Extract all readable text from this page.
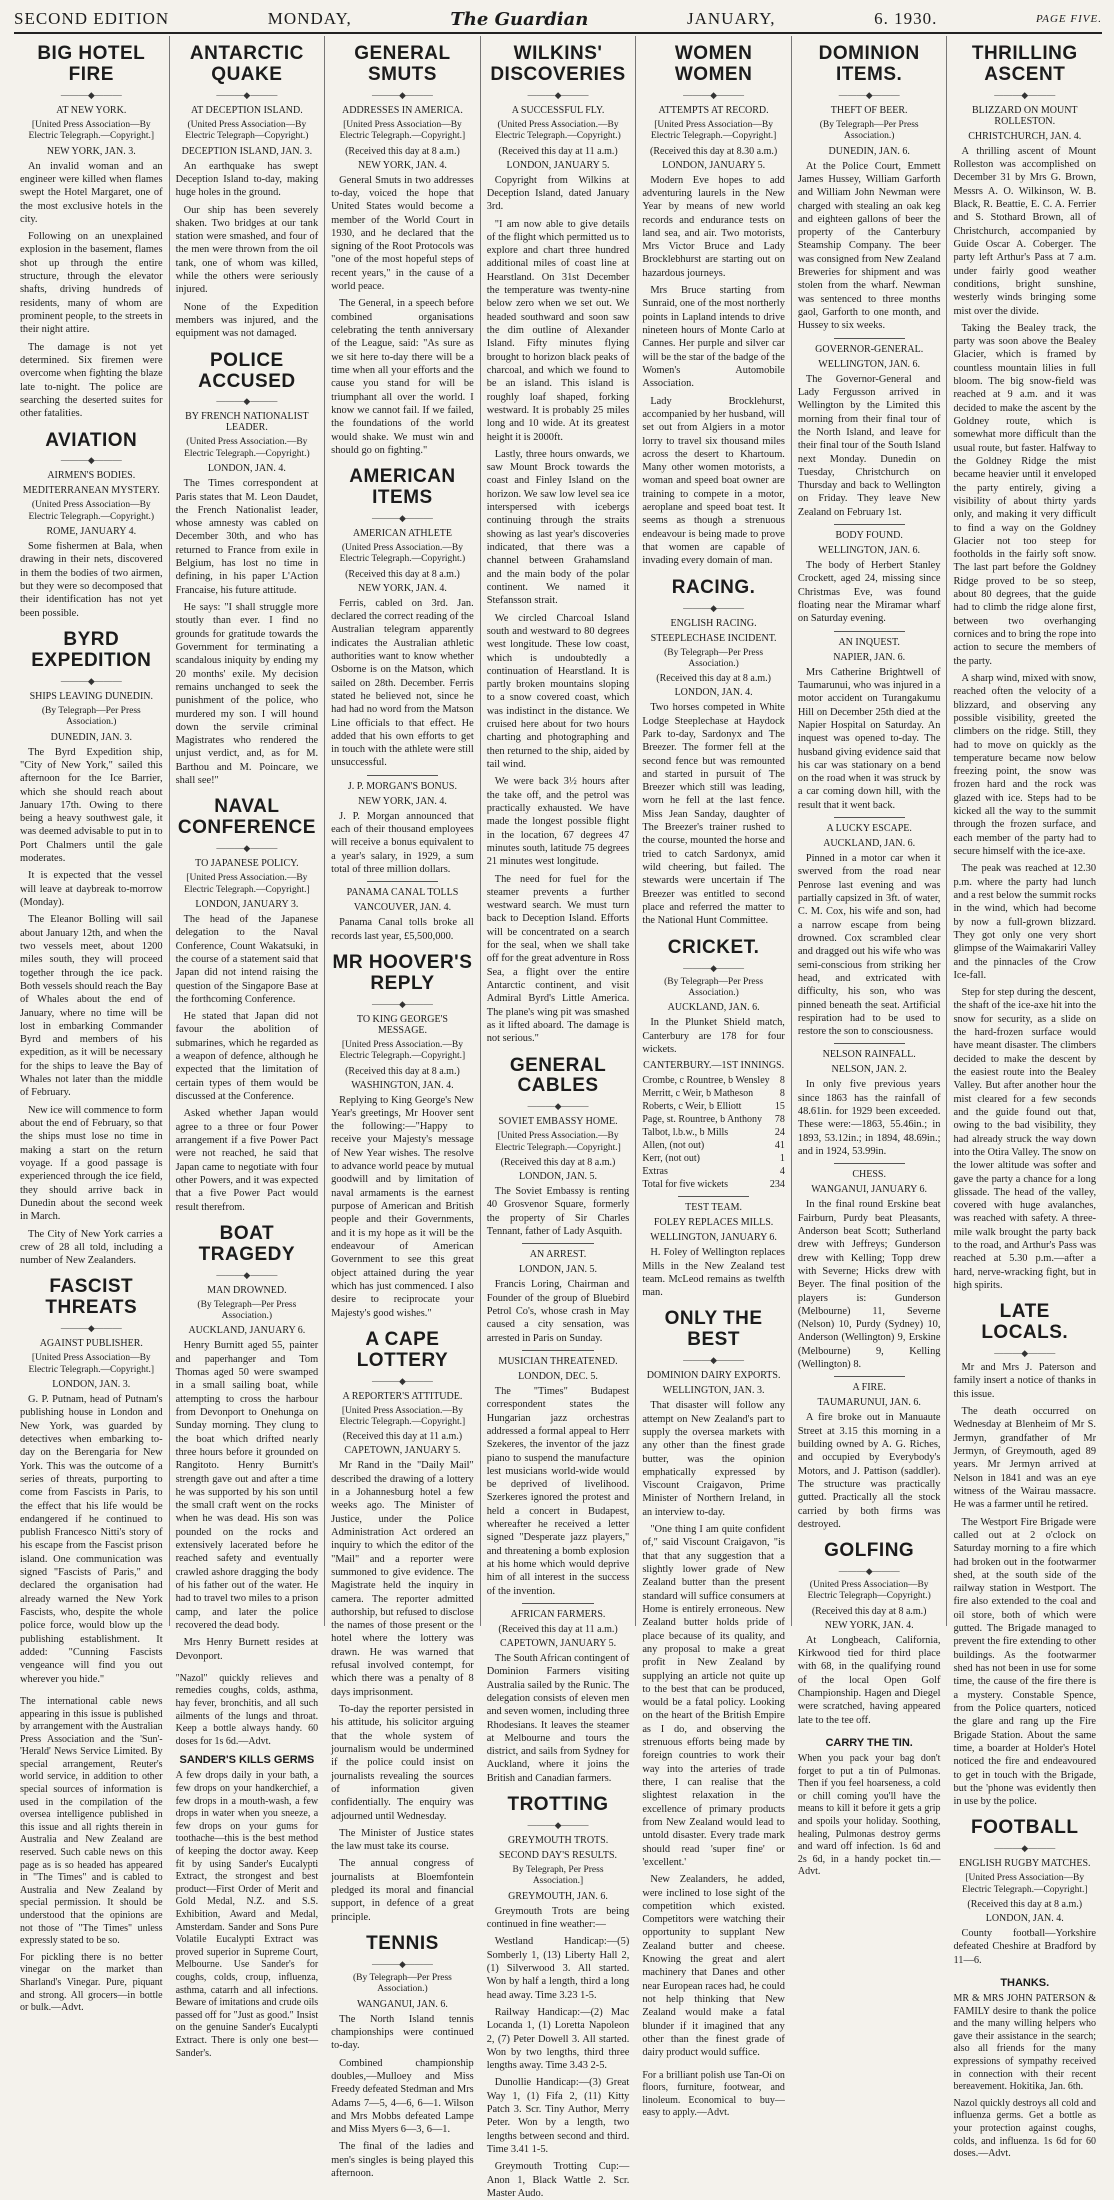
SECOND EDITION	MONDAY,	The Guardian	JANUARY,	6. 1930.	PAGE FIVE.
BIG HOTEL FIRE
———◆———
AT NEW YORK.
[United Press Association—By Electric Telegraph.—Copyright.]
NEW YORK, JAN. 3.

An invalid woman and an engineer were killed when flames swept the Hotel Margaret, one of the most exclusive hotels in the city.

Following on an unexplained explosion in the basement, flames shot up through the entire structure, through the elevator shafts, driving hundreds of residents, many of whom are prominent people, to the streets in their night attire.

The damage is not yet determined. Six firemen were overcome when fighting the blaze late to-night. The police are searching the deserted suites for other fatalities.

AVIATION
———◆———
AIRMEN'S BODIES.
MEDITERRANEAN MYSTERY.
(United Press Association—By Electric Telegraph.—Copyright.)
ROME, JANUARY 4.

Some fishermen at Bala, when drawing in their nets, discovered in them the bodies of two airmen, but they were so decomposed that their identification has not yet been possible.

BYRD EXPEDITION
———◆———
SHIPS LEAVING DUNEDIN.
(By Telegraph—Per Press Association.)
DUNEDIN, JAN. 3.

The Byrd Expedition ship, "City of New York," sailed this afternoon for the Ice Barrier, which she should reach about January 17th. Owing to there being a heavy southwest gale, it was deemed advisable to put in to Port Chalmers until the gale moderates.

It is expected that the vessel will leave at daybreak to-morrow (Monday).

The Eleanor Bolling will sail about January 12th, and when the two vessels meet, about 1200 miles south, they will proceed together through the ice pack. Both vessels should reach the Bay of Whales about the end of January, where no time will be lost in embarking Commander Byrd and members of his expedition, as it will be necessary for the ships to leave the Bay of Whales not later than the middle of February.

New ice will commence to form about the end of February, so that the ships must lose no time in making a start on the return voyage. If a good passage is experienced through the ice field, they should arrive back in Dunedin about the second week in March.

The City of New York carries a crew of 28 all told, including a number of New Zealanders.

FASCIST THREATS
———◆———
AGAINST PUBLISHER.
[United Press Association—By Electric Telegraph.—Copyright.]
LONDON, JAN. 3.

G. P. Putnam, head of Putnam's publishing house in London and New York, was guarded by detectives when embarking to-day on the Berengaria for New York. This was the outcome of a series of threats, purporting to come from Fascists in Paris, to the effect that his life would be endangered if he continued to publish Francesco Nitti's story of his escape from the Fascist prison island. One communication was signed "Fascists of Paris," and declared the organisation had already warned the New York Fascists, who, despite the whole police force, would blow up the publishing establishment. It added: "Cunning Fascists vengeance will find you out wherever you hide."

The international cable news appearing in this issue is published by arrangement with the Australian Press Association and the 'Sun'-'Herald' News Service Limited. By special arrangement, Reuter's world service, in addition to other special sources of information is used in the compilation of the oversea intelligence published in this issue and all rights therein in Australia and New Zealand are reserved. Such cable news on this page as is so headed has appeared in "The Times" and is cabled to Australia and New Zealand by special permission. It should be understood that the opinions are not those of "The Times" unless expressly stated to be so.

For pickling there is no better vinegar on the market than Sharland's Vinegar. Pure, piquant and strong. All grocers—in bottle or bulk.—Advt.

ANTARCTIC QUAKE
———◆———
AT DECEPTION ISLAND.
(United Press Association—By Electric Telegraph—Copyright.)
DECEPTION ISLAND, JAN. 3.

An earthquake has swept Deception Island to-day, making huge holes in the ground.

Our ship has been severely shaken. Two bridges at our tank station were smashed, and four of the men were thrown from the oil tank, one of whom was killed, while the others were seriously injured.

None of the Expedition members was injured, and the equipment was not damaged.

POLICE ACCUSED
———◆———
BY FRENCH NATIONALIST LEADER.
(United Press Association.—By Electric Telegraph.—Copyright.)
LONDON, JAN. 4.

The Times correspondent at Paris states that M. Leon Daudet, the French Nationalist leader, whose amnesty was cabled on December 30th, and who has returned to France from exile in Belgium, has lost no time in defining, in his paper L'Action Francaise, his future attitude.

He says: "I shall struggle more stoutly than ever. I find no grounds for gratitude towards the Government for terminating a scandalous iniquity by ending my 20 months' exile. My decision remains unchanged to seek the punishment of the police, who murdered my son. I will hound down the servile criminal Magistrates who rendered the unjust verdict, and, as for M. Barthou and M. Poincare, we shall see!"

NAVAL CONFERENCE
———◆———
TO JAPANESE POLICY.
[United Press Association.—By Electric Telegraph.—Copyright.]
LONDON, JANUARY 3.

The head of the Japanese delegation to the Naval Conference, Count Wakatsuki, in the course of a statement said that Japan did not intend raising the question of the Singapore Base at the forthcoming Conference.

He stated that Japan did not favour the abolition of submarines, which he regarded as a weapon of defence, although he expected that the limitation of certain types of them would be discussed at the Conference.

Asked whether Japan would agree to a three or four Power arrangement if a five Power Pact were not reached, he said that Japan came to negotiate with four other Powers, and it was expected that a five Power Pact would result therefrom.

BOAT TRAGEDY
———◆———
MAN DROWNED.
(By Telegraph—Per Press Association.)
AUCKLAND, JANUARY 6.

Henry Burnitt aged 55, painter and paperhanger and Tom Thomas aged 50 were swamped in a small sailing boat, while attempting to cross the harbour from Devonport to Onehunga on Sunday morning. They clung to the boat which drifted nearly three hours before it grounded on Rangitoto. Henry Burnitt's strength gave out and after a time he was supported by his son until the small craft went on the rocks when he was dead. His son was pounded on the rocks and extensively lacerated before he reached safety and eventually crawled ashore dragging the body of his father out of the water. He had to travel two miles to a prison camp, and later the police recovered the dead body.

Mrs Henry Burnett resides at Devonport.

"Nazol" quickly relieves and remedies coughs, colds, asthma, hay fever, bronchitis, and all such ailments of the lungs and throat. Keep a bottle always handy. 60 doses for 1s 6d.—Advt.

SANDER'S KILLS GERMS

A few drops daily in your bath, a few drops on your handkerchief, a few drops in a mouth-wash, a few drops in water when you sneeze, a few drops on your gums for toothache—this is the best method of keeping the doctor away. Keep fit by using Sander's Eucalypti Extract, the strongest and best product—First Order of Merit and Gold Medal, N.Z. and S.S. Exhibition, Award and Medal, Amsterdam. Sander and Sons Pure Volatile Eucalypti Extract was proved superior in Supreme Court, Melbourne. Use Sander's for coughs, colds, croup, influenza, asthma, catarrh and all infections. Beware of imitations and crude oils passed off for "Just as good." Insist on the genuine Sander's Eucalypti Extract. There is only one best—Sander's.

GENERAL SMUTS
———◆———
ADDRESSES IN AMERICA.
[United Press Association—By Electric Telegraph.—Copyright.]
(Received this day at 8 a.m.)
NEW YORK, JAN. 4.

General Smuts in two addresses to-day, voiced the hope that United States would become a member of the World Court in 1930, and he declared that the signing of the Root Protocols was "one of the most hopeful steps of recent years," in the cause of a world peace.

The General, in a speech before combined organisations celebrating the tenth anniversary of the League, said: "As sure as we sit here to-day there will be a time when all your efforts and the cause you stand for will be triumphant all over the world. I know we cannot fail. If we failed, the foundations of the world would shake. We must win and should go on fighting."

AMERICAN ITEMS
———◆———
AMERICAN ATHLETE
(United Press Association.—By Electric Telegraph.—Copyright.)
(Received this day at 8 a.m.)
NEW YORK, JAN. 4.

Ferris, cabled on 3rd. Jan. declared the correct reading of the Australian telegram apparently indicates the Australian athletic authorities want to know whether Osborne is on the Matson, which sailed on 28th. December. Ferris stated he believed not, since he had had no word from the Matson Line officials to that effect. He added that his own efforts to get in touch with the athlete were still unsuccessful.

J. P. MORGAN'S BONUS.
NEW YORK, JAN. 4.

J. P. Morgan announced that each of their thousand employees will receive a bonus equivalent to a year's salary, in 1929, a sum total of three million dollars.

PANAMA CANAL TOLLS
VANCOUVER, JAN. 4.

Panama Canal tolls broke all records last year, £5,500,000.

MR HOOVER'S REPLY
———◆———
TO KING GEORGE'S MESSAGE.
[United Press Association.—By Electric Telegraph.—Copyright.]
(Received this day at 8 a.m.)
WASHINGTON, JAN. 4.

Replying to King George's New Year's greetings, Mr Hoover sent the following:—"Happy to receive your Majesty's message of New Year wishes. The resolve to advance world peace by mutual goodwill and by limitation of naval armaments is the earnest purpose of American and British people and their Governments, and it is my hope as it will be the endeavour of American Government to see this great object attained during the year which has just commenced. I also desire to reciprocate your Majesty's good wishes."

A CAPE LOTTERY
———◆———
A REPORTER'S ATTITUDE.
[United Press Association.—By Electric Telegraph.—Copyright.]
(Received this day at 11 a.m.)
CAPETOWN, JANUARY 5.

Mr Rand in the "Daily Mail" described the drawing of a lottery in a Johannesburg hotel a few weeks ago. The Minister of Justice, under the Police Administration Act ordered an inquiry to which the editor of the "Mail" and a reporter were summoned to give evidence. The Magistrate held the inquiry in camera. The reporter admitted authorship, but refused to disclose the names of those present or the hotel where the lottery was drawn. He was warned that refusal involved contempt, for which there was a penalty of 8 days imprisonment.

To-day the reporter persisted in his attitude, his solicitor arguing that the whole system of journalism would be undermined if the police could insist on journalists revealing the sources of information given confidentially. The enquiry was adjourned until Wednesday.

The Minister of Justice states the law must take its course.

The annual congress of journalists at Bloemfontein pledged its moral and financial support, in defence of a great principle.

TENNIS
———◆———
(By Telegraph—Per Press Association.)
WANGANUI, JAN. 6.

The North Island tennis championships were continued to-day.

Combined championship doubles,—Mulloey and Miss Freedy defeated Stedman and Mrs Adams 7—5, 4—6, 6—1. Wilson and Mrs Mobbs defeated Lampe and Miss Myers 6—3, 6—1.

The final of the ladies and men's singles is being played this afternoon.

WILKINS' DISCOVERIES
———◆———
A SUCCESSFUL FLY.
(United Press Association.—By Electric Telegraph.—Copyright.)
(Received this day at 11 a.m.)
LONDON, JANUARY 5.

Copyright from Wilkins at Deception Island, dated January 3rd.

"I am now able to give details of the flight which permitted us to explore and chart three hundred additional miles of coast line at Hearstland. On 31st December the temperature was twenty-nine below zero when we set out. We headed southward and soon saw the dim outline of Alexander Island. Fifty minutes flying brought to horizon black peaks of charcoal, and which we found to be an island. This island is roughly loaf shaped, forking westward. It is probably 25 miles long and 10 wide. At its greatest height it is 2000ft.

Lastly, three hours onwards, we saw Mount Brock towards the coast and Finley Island on the horizon. We saw low level sea ice interspersed with icebergs continuing through the straits showing as last year's discoveries indicated, that there was a channel between Grahamsland and the main body of the polar continent. We named it Stefansson strait.

We circled Charcoal Island south and westward to 80 degrees west longitude. These low coast, which is undoubtedly a continuation of Hearstland. It is partly broken mountains sloping to a snow covered coast, which was indistinct in the distance. We cruised here about for two hours charting and photographing and then returned to the ship, aided by tail wind.

We were back 3½ hours after the take off, and the petrol was practically exhausted. We have made the longest possible flight in the location, 67 degrees 47 minutes south, latitude 75 degrees 21 minutes west longitude.

The need for fuel for the steamer prevents a further westward search. We must turn back to Deception Island. Efforts will be concentrated on a search for the seal, when we shall take off for the great adventure in Ross Sea, a flight over the entire Antarctic continent, and visit Admiral Byrd's Little America. The plane's wing pit was smashed as it lifted aboard. The damage is not serious."

GENERAL CABLES
———◆———
SOVIET EMBASSY HOME.
[United Press Association.—By Electric Telegraph.—Copyright.]
(Received this day at 8 a.m.)
LONDON, JAN. 5.

The Soviet Embassy is renting 40 Grosvenor Square, formerly the property of Sir Charles Tennant, father of Lady Asquith.

AN ARREST.
LONDON, JAN. 5.

Francis Loring, Chairman and Founder of the group of Bluebird Petrol Co's, whose crash in May caused a city sensation, was arrested in Paris on Sunday.

MUSICIAN THREATENED.
LONDON, DEC. 5.

The "Times" Budapest correspondent states the Hungarian jazz orchestras addressed a formal appeal to Herr Szekeres, the inventor of the jazz piano to suspend the manufacture lest musicians world-wide would be deprived of livelihood. Szerkeres ignored the protest and held a concert in Budapest, whereafter he received a letter signed "Desperate jazz players," and threatening a bomb explosion at his home which would deprive him of all interest in the success of the invention.

AFRICAN FARMERS.
(Received this day at 11 a.m.)
CAPETOWN, JANUARY 5.

The South African contingent of Dominion Farmers visiting Australia sailed by the Runic. The delegation consists of eleven men and seven women, including three Rhodesians. It leaves the steamer at Melbourne and tours the district, and sails from Sydney for Auckland, where it joins the British and Canadian farmers.

TROTTING
———◆———
GREYMOUTH TROTS.
SECOND DAY'S RESULTS.
By Telegraph, Per Press Association.]
GREYMOUTH, JAN. 6.

Greymouth Trots are being continued in fine weather:—

Westland Handicap:—(5) Somberly 1, (13) Liberty Hall 2, (1) Silverwood 3. All started. Won by half a length, third a long head away. Time 3.23 1-5.

Railway Handicap:—(2) Mac Locanda 1, (1) Loretta Napoleon 2, (7) Peter Dowell 3. All started. Won by two lengths, third three lengths away. Time 3.43 2-5.

Dunollie Handicap:—(3) Great Way 1, (1) Fifa 2, (11) Kitty Patch 3. Scr. Tiny Author, Merry Peter. Won by a length, two lengths between second and third. Time 3.41 1-5.

Greymouth Trotting Cup:—Anon 1, Black Wattle 2. Scr. Master Audo.

WOMEN WOMEN
———◆———
ATTEMPTS AT RECORD.
[United Press Association—By Electric Telegraph.—Copyright.]
(Received this day at 8.30 a.m.)
LONDON, JANUARY 5.

Modern Eve hopes to add adventuring laurels in the New Year by means of new world records and endurance tests on land sea, and air. Two motorists, Mrs Victor Bruce and Lady Brocklebhurst are starting out on hazardous journeys.

Mrs Bruce starting from Sunraid, one of the most northerly points in Lapland intends to drive nineteen hours of Monte Carlo at Cannes. Her purple and silver car will be the star of the badge of the Women's Automobile Association.

Lady Brocklehurst, accompanied by her husband, will set out from Algiers in a motor lorry to travel six thousand miles across the desert to Khartoum. Many other women motorists, a woman and speed boat owner are training to compete in a motor, aeroplane and speed boat test. It seems as though a strenuous endeavour is being made to prove that women are capable of invading every domain of man.

RACING.
———◆———
ENGLISH RACING.
STEEPLECHASE INCIDENT.
(By Telegraph—Per Press Association.)
(Received this day at 8 a.m.)
LONDON, JAN. 4.

Two horses competed in White Lodge Steeplechase at Haydock Park to-day, Sardonyx and The Breezer. The former fell at the second fence but was remounted and started in pursuit of The Breezer which still was leading, worn he fell at the last fence. Miss Jean Sanday, daughter of The Breezer's trainer rushed to the course, mounted the horse and tried to catch Sardonyx, amid wild cheering, but failed. The stewards were uncertain if The Breezer was entitled to second place and referred the matter to the National Hunt Committee.

CRICKET.
———◆———
(By Telegraph—Per Press Association.)
AUCKLAND, JAN. 6.

In the Plunket Shield match, Canterbury are 178 for four wickets.

CANTERBURY.—1ST INNINGS.
Crombe, c Rountree, b Wensley 8
Merritt, c Weir, b Matheson	8
Roberts, c Weir, b Elliott	15
Page, st. Rountree, b Anthony 78
Talbot, l.b.w., b Mills	24
Allen, (not out)	41
Kerr, (not out)	1
Extras	4
Total for five wickets	234
TEST TEAM.
FOLEY REPLACES MILLS.
WELLINGTON, JANUARY 6.

H. Foley of Wellington replaces Mills in the New Zealand test team. McLeod remains as twelfth man.

ONLY THE BEST
———◆———
DOMINION DAIRY EXPORTS.
WELLINGTON, JAN. 3.

That disaster will follow any attempt on New Zealand's part to supply the oversea markets with any other than the finest grade butter, was the opinion emphatically expressed by Viscount Craigavon, Prime Minister of Northern Ireland, in an interview to-day.

"One thing I am quite confident of," said Viscount Craigavon, "is that that any suggestion that a slightly lower grade of New Zealand butter than the present standard will suffice consumers at Home is entirely erroneous. New Zealand butter holds pride of place because of its quality, and any proposal to make a great profit in New Zealand by supplying an article not quite up to the best that can be produced, would be a fatal policy. Looking on the heart of the British Empire as I do, and observing the strenuous efforts being made by foreign countries to work their way into the arteries of trade there, I can realise that the slightest relaxation in the excellence of primary products from New Zealand would lead to untold disaster. Every trade mark should read 'super fine' or 'excellent.'

New Zealanders, he added, were inclined to lose sight of the competition which existed. Competitors were watching their opportunity to supplant New Zealand butter and cheese. Knowing the great and alert machinery that Danes and other near European races had, he could not help thinking that New Zealand would make a fatal blunder if it imagined that any other than the finest grade of dairy product would suffice.

For a brilliant polish use Tan-Oi on floors, furniture, footwear, and linoleum. Economical to buy—easy to apply.—Advt.

DOMINION ITEMS.
———◆———
THEFT OF BEER.
(By Telegraph—Per Press Association.)
DUNEDIN, JAN. 6.

At the Police Court, Emmett James Hussey, William Garforth and William John Newman were charged with stealing an oak keg and eighteen gallons of beer the property of the Canterbury Steamship Company. The beer was consigned from New Zealand Breweries for shipment and was stolen from the wharf. Newman was sentenced to three months gaol, Garforth to one month, and Hussey to six weeks.

GOVERNOR-GENERAL.
WELLINGTON, JAN. 6.

The Governor-General and Lady Fergusson arrived in Wellington by the Limited this morning from their final tour of the North Island, and leave for their final tour of the South Island next Monday. Dunedin on Tuesday, Christchurch on Thursday and back to Wellington on Friday. They leave New Zealand on February 1st.

BODY FOUND.
WELLINGTON, JAN. 6.

The body of Herbert Stanley Crockett, aged 24, missing since Christmas Eve, was found floating near the Miramar wharf on Saturday evening.

AN INQUEST.
NAPIER, JAN. 6.

Mrs Catherine Brightwell of Taumarunui, who was injured in a motor accident on Turangakumu Hill on December 25th died at the Napier Hospital on Saturday. An inquest was opened to-day. The husband giving evidence said that his car was stationary on a bend on the road when it was struck by a car coming down hill, with the result that it went back.

A LUCKY ESCAPE.
AUCKLAND, JAN. 6.

Pinned in a motor car when it swerved from the road near Penrose last evening and was partially capsized in 3ft. of water, C. M. Cox, his wife and son, had a narrow escape from being drowned. Cox scrambled clear and dragged out his wife who was semi-conscious from striking her head, and extricated with difficulty, his son, who was pinned beneath the seat. Artificial respiration had to be used to restore the son to consciousness.

NELSON RAINFALL.
NELSON, JAN. 2.

In only five previous years since 1863 has the rainfall of 48.61in. for 1929 been exceeded. These were:—1863, 55.46in.; in 1893, 53.12in.; in 1894, 48.69in.; and in 1924, 53.99in.

CHESS.
WANGANUI, JANUARY 6.

In the final round Erskine beat Fairburn, Purdy beat Pleasants, Anderson beat Scott; Sutherland drew with Jeffreys; Gunderson drew with Kelling; Topp drew with Severne; Hicks drew with Beyer. The final position of the players is: Gunderson (Melbourne) 11, Severne (Nelson) 10, Purdy (Sydney) 10, Anderson (Wellington) 9, Erskine (Melbourne) 9, Kelling (Wellington) 8.

A FIRE.
TAUMARUNUI, JAN. 6.

A fire broke out in Manuaute Street at 3.15 this morning in a building owned by A. G. Riches, and occupied by Everybody's Motors, and J. Pattison (saddler). The structure was practically gutted. Practically all the stock carried by both firms was destroyed.

GOLFING
———◆———
(United Press Association—By Electric Telegraph—Copyright.)
(Received this day at 8 a.m.)
NEW YORK, JAN. 4.

At Longbeach, California, Kirkwood tied for third place with 68, in the qualifying round of the local Open Golf Championship. Hagen and Diegel were scratched, having appeared late to the tee off.

CARRY THE TIN.

When you pack your bag don't forget to put a tin of Pulmonas. Then if you feel hoarseness, a cold or chill coming you'll have the means to kill it before it gets a grip and spoils your holiday. Soothing, healing, Pulmonas destroy germs and ward off infection. 1s 6d and 2s 6d, in a handy pocket tin.—Advt.

THRILLING ASCENT
———◆———
BLIZZARD ON MOUNT ROLLESTON.
CHRISTCHURCH, JAN. 4.

A thrilling ascent of Mount Rolleston was accomplished on December 31 by Mrs G. Brown, Messrs A. O. Wilkinson, W. B. Black, R. Beattie, E. C. A. Ferrier and S. Stothard Brown, all of Christchurch, accompanied by Guide Oscar A. Coberger. The party left Arthur's Pass at 7 a.m. under fairly good weather conditions, bright sunshine, westerly winds bringing some mist over the divide.

Taking the Bealey track, the party was soon above the Bealey Glacier, which is framed by countless mountain lilies in full bloom. The big snow-field was reached at 9 a.m. and it was decided to make the ascent by the Goldney route, which is somewhat more difficult than the usual route, but faster. Halfway to the Goldney Ridge the mist became heavier until it enveloped the party entirely, giving a visibility of about thirty yards only, and making it very difficult to find a way on the Goldney Glacier not too steep for footholds in the fairly soft snow. The last part before the Goldney Ridge proved to be so steep, about 80 degrees, that the guide had to climb the ridge alone first, between two overhanging cornices and to bring the rope into action to secure the members of the party.

A sharp wind, mixed with snow, reached often the velocity of a blizzard, and observing any possible visibility, greeted the climbers on the ridge. Still, they had to move on quickly as the temperature became now below freezing point, the snow was frozen hard and the rock was glazed with ice. Steps had to be kicked all the way to the summit through the frozen surface, and each member of the party had to secure himself with the ice-axe.

The peak was reached at 12.30 p.m. where the party had lunch and a rest below the summit rocks in the wind, which had become by now a full-grown blizzard. They got only one very short glimpse of the Waimakariri Valley and the pinnacles of the Crow Ice-fall.

Step for step during the descent, the shaft of the ice-axe hit into the snow for security, as a slide on the hard-frozen surface would have meant disaster. The climbers decided to make the descent by the easiest route into the Bealey Valley. But after another hour the mist cleared for a few seconds and the guide found out that, owing to the bad visibility, they had already struck the way down into the Otira Valley. The snow on the lower altitude was softer and gave the party a chance for a long glissade. The head of the valley, covered with huge avalanches, was reached with safety. A three-mile walk brought the party back to the road, and Arthur's Pass was reached at 5.30 p.m.—after a hard, nerve-wracking fight, but in high spirits.

LATE LOCALS.
———◆———

Mr and Mrs J. Paterson and family insert a notice of thanks in this issue.

The death occurred on Wednesday at Blenheim of Mr S. Jermyn, grandfather of Mr Jermyn, of Greymouth, aged 89 years. Mr Jermyn arrived at Nelson in 1841 and was an eye witness of the Wairau massacre. He was a farmer until he retired.

The Westport Fire Brigade were called out at 2 o'clock on Saturday morning to a fire which had broken out in the footwarmer shed, at the south side of the railway station in Westport. The fire also extended to the coal and oil store, both of which were gutted. The Brigade managed to prevent the fire extending to other buildings. As the footwarmer shed has not been in use for some time, the cause of the fire there is a mystery. Constable Spence, from the Police quarters, noticed the glare and rang up the Fire Brigade Station. About the same time, a boarder at Holder's Hotel noticed the fire and endeavoured to get in touch with the Brigade, but the 'phone was evidently then in use by the police.

FOOTBALL
———◆———
ENGLISH RUGBY MATCHES.
[United Press Association—By Electric Telegraph.—Copyright.]
(Received this day at 8 a.m.)
LONDON, JAN. 4.

County football—Yorkshire defeated Cheshire at Bradford by 11—6.

THANKS.

MR & MRS JOHN PATERSON & FAMILY desire to thank the police and the many willing helpers who gave their assistance in the search; also all friends for the many expressions of sympathy received in connection with their recent bereavement. Hokitika, Jan. 6th.

Nazol quickly destroys all cold and influenza germs. Get a bottle as your protection against coughs, colds, and influenza. 1s 6d for 60 doses.—Advt.
